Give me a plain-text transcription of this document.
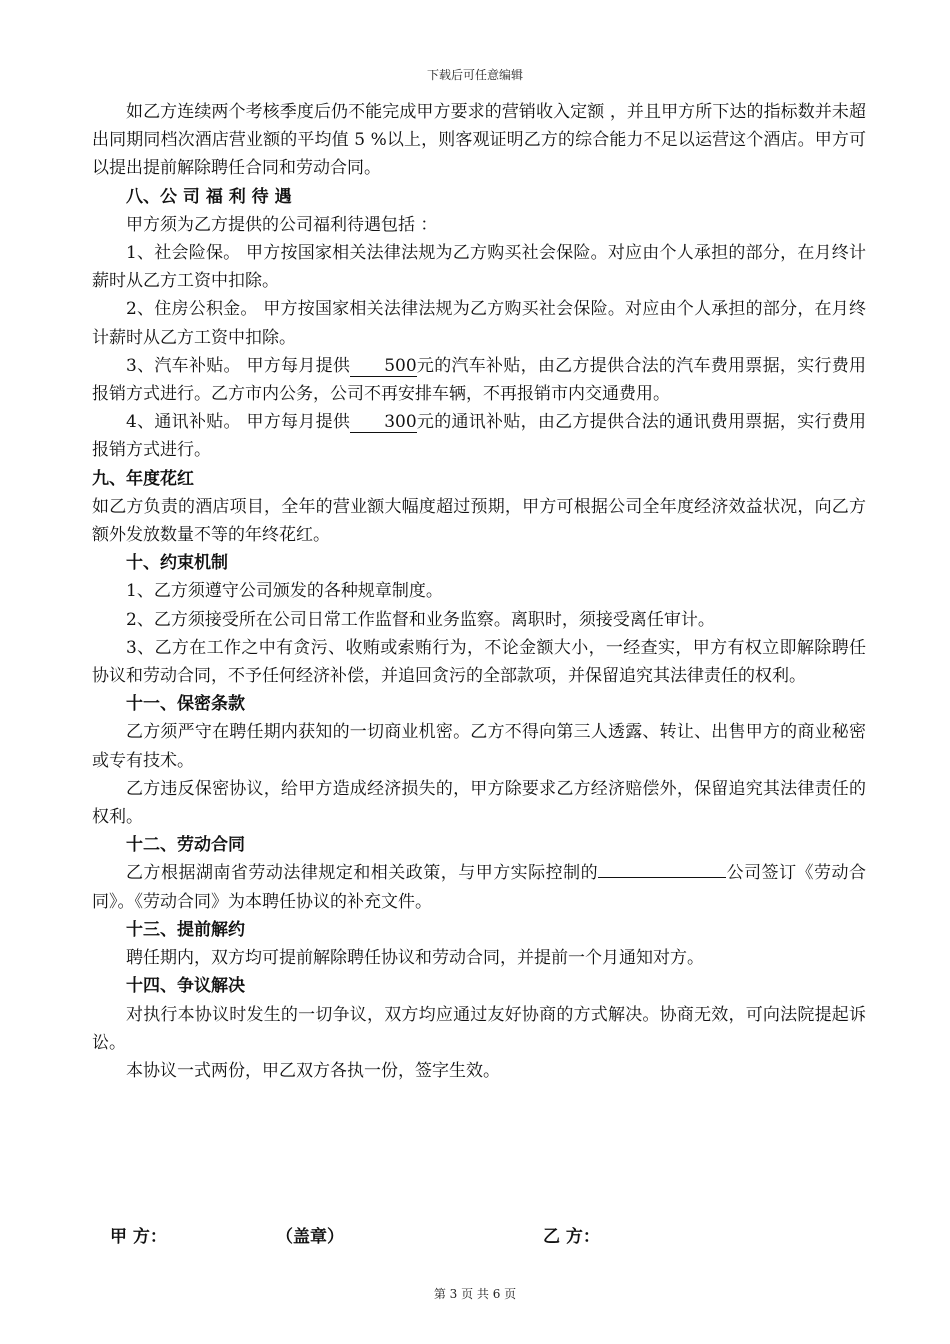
下载后可任意编辑

如乙方连续两个考核季度后仍不能完成甲方要求的营销收入定额 ，并且甲方所下达的指标数并未超出同期同档次酒店营业额的平均值 5 %以上，则客观证明乙方的综合能力不足以运营这个酒店。甲方可以提出提前解除聘任合同和劳动合同。

八、公 司 福 利 待 遇

甲方须为乙方提供的公司福利待遇包括 ：

1、社会险保。 甲方按国家相关法律法规为乙方购买社会保险。对应由个人承担的部分，在月终计薪时从乙方工资中扣除。

2、住房公积金。 甲方按国家相关法律法规为乙方购买社会保险。对应由个人承担的部分，在月终计薪时从乙方工资中扣除。

3、汽车补贴。 甲方每月提供500元的汽车补贴，由乙方提供合法的汽车费用票据，实行费用报销方式进行。乙方市内公务，公司不再安排车辆，不再报销市内交通费用。

4、通讯补贴。 甲方每月提供300元的通讯补贴，由乙方提供合法的通讯费用票据，实行费用报销方式进行。

九、年度花红

如乙方负责的酒店项目，全年的营业额大幅度超过预期，甲方可根据公司全年度经济效益状况，向乙方额外发放数量不等的年终花红。

十、约束机制

1、乙方须遵守公司颁发的各种规章制度。

2、乙方须接受所在公司日常工作监督和业务监察。离职时，须接受离任审计。

3、乙方在工作之中有贪污、收贿或索贿行为，不论金额大小，一经查实，甲方有权立即解除聘任协议和劳动合同，不予任何经济补偿，并追回贪污的全部款项，并保留追究其法律责任的权利。

十一、保密条款

乙方须严守在聘任期内获知的一切商业机密。乙方不得向第三人透露、转让、出售甲方的商业秘密或专有技术。

乙方违反保密协议，给甲方造成经济损失的，甲方除要求乙方经济赔偿外，保留追究其法律责任的权利。

十二、劳动合同

乙方根据湖南省劳动法律规定和相关政策，与甲方实际控制的	公司签订《劳动合同》。《劳动合同》为本聘任协议的补充文件。

十三、提前解约

聘任期内，双方均可提前解除聘任协议和劳动合同，并提前一个月通知对方。

十四、争议解决

对执行本协议时发生的一切争议，双方均应通过友好协商的方式解决。协商无效，可向法院提起诉讼。

本协议一式两份，甲乙双方各执一份，签字生效。

甲 方：	（盖章）	乙 方：
第 3 页 共 6 页
